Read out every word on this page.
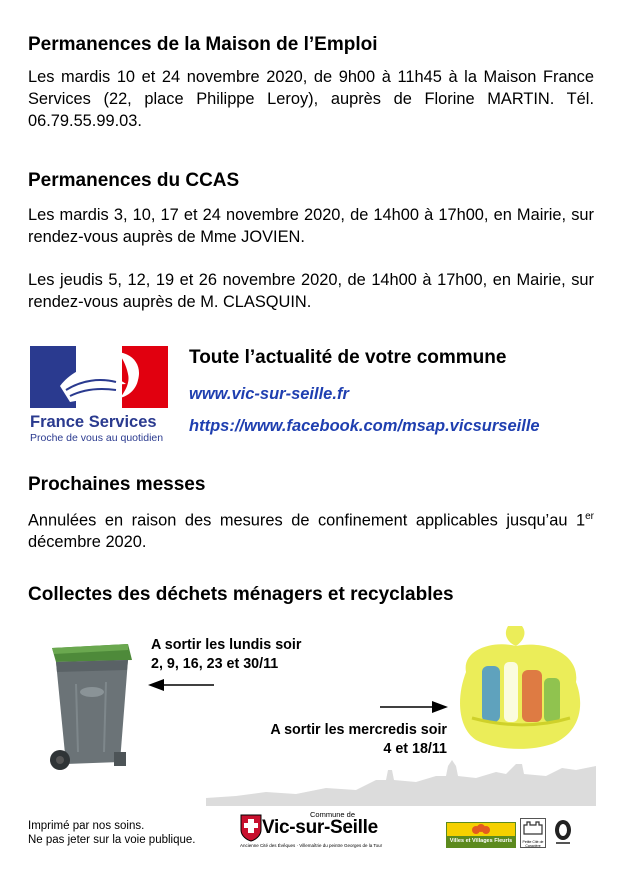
Permanences de la Maison de l’Emploi

Les mardis 10 et 24 novembre 2020, de 9h00 à 11h45 à la Maison France Services (22, place Philippe Leroy), auprès de Florine MARTIN. Tél. 06.79.55.99.03.

Permanences du CCAS

Les mardis 3, 10, 17 et 24 novembre 2020, de 14h00 à 17h00, en Mairie, sur rendez-vous auprès de Mme JOVIEN.

Les jeudis 5, 12, 19 et 26 novembre 2020, de 14h00 à 17h00, en Mairie, sur rendez-vous auprès de M. CLASQUIN.

France Services
Proche de vous au quotidien
Toute l’actualité de votre commune
www.vic-sur-seille.fr
https://www.facebook.com/msap.vicsurseille
Prochaines messes

Annulées en raison des mesures de confinement applicables jusqu’au 1er décembre 2020.

Collectes des déchets ménagers et recyclables
A sortir les lundis soir
2, 9, 16, 23 et 30/11
A sortir les mercredis soir
4 et 18/11
Imprimé par nos soins.
Ne pas jeter sur la voie publique.
Commune de
Vic-sur-Seille
Ancienne Cité des Évêques · Villemaîtrie du peintre Georges de la Tour
Villes et Villages Fleuris	Petite Cité de Caractère
